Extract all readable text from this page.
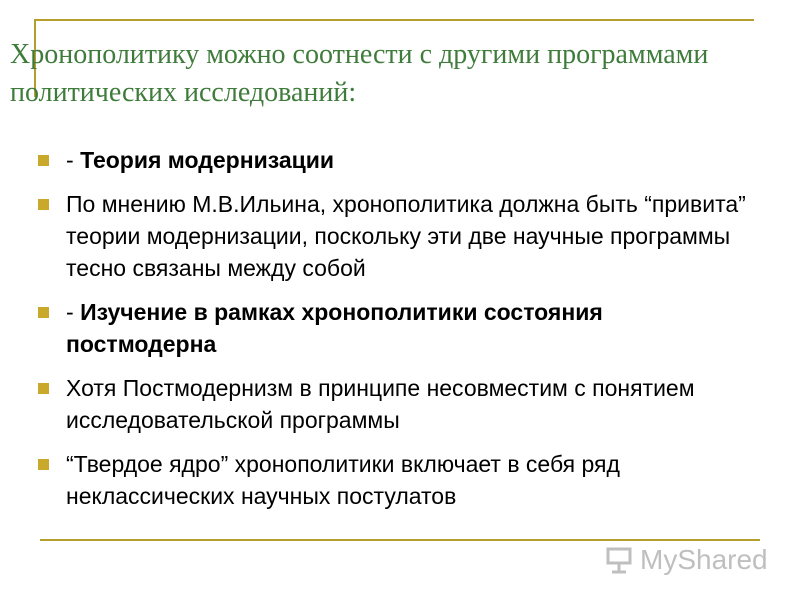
Хронополитику можно соотнести с другими программами политических исследований:
- Теория модернизации
По мнению М.В.Ильина, хронополитика должна быть “привита” теории модернизации, поскольку эти две научные программы тесно связаны между собой
- Изучение в рамках хронополитики состояния постмодерна
Хотя Постмодернизм в принципе несовместим с понятием исследовательской программы
“Твердое ядро” хронополитики включает в себя ряд неклассических научных постулатов
MyShared
